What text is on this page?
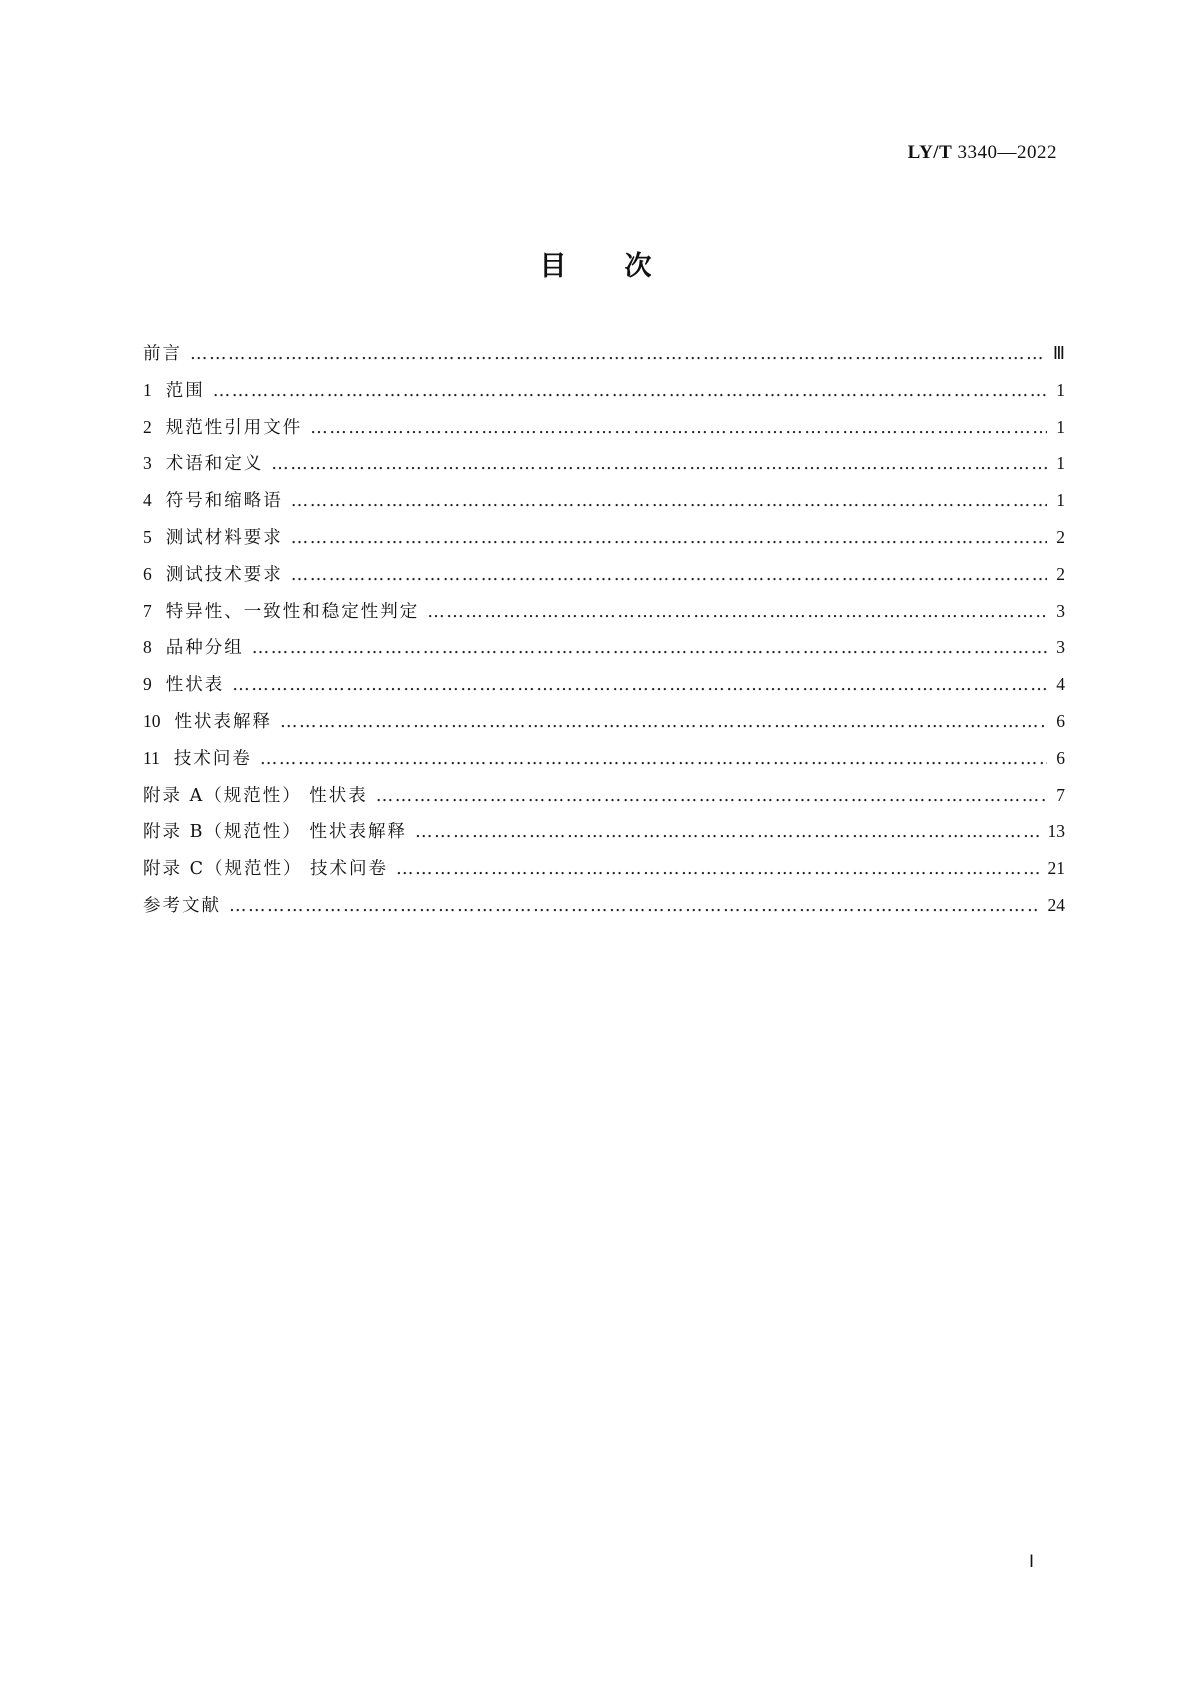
LY/T 3340—2022
目次
前言 …………………………………………………………………………………………………………………………………………………………………………………………………………	Ⅲ
1 范围 …………………………………………………………………………………………………………………………………………………………………………………………………………	1
2 规范性引用文件 …………………………………………………………………………………………………………………………………………………………………………………………………………	1
3 术语和定义 …………………………………………………………………………………………………………………………………………………………………………………………………………	1
4 符号和缩略语 …………………………………………………………………………………………………………………………………………………………………………………………………………	1
5 测试材料要求 …………………………………………………………………………………………………………………………………………………………………………………………………………	2
6 测试技术要求 …………………………………………………………………………………………………………………………………………………………………………………………………………	2
7 特异性、一致性和稳定性判定 …………………………………………………………………………………………………………………………………………………………………………………………………………	3
8 品种分组 …………………………………………………………………………………………………………………………………………………………………………………………………………	3
9 性状表 …………………………………………………………………………………………………………………………………………………………………………………………………………	4
10 性状表解释 …………………………………………………………………………………………………………………………………………………………………………………………………………	6
11 技术问卷 …………………………………………………………………………………………………………………………………………………………………………………………………………	6
附录 A（规范性） 性状表 …………………………………………………………………………………………………………………………………………………………………………………………………………	7
附录 B（规范性） 性状表解释 …………………………………………………………………………………………………………………………………………………………………………………………………………	13
附录 C（规范性） 技术问卷 …………………………………………………………………………………………………………………………………………………………………………………………………………	21
参考文献 …………………………………………………………………………………………………………………………………………………………………………………………………………	24
Ⅰ
